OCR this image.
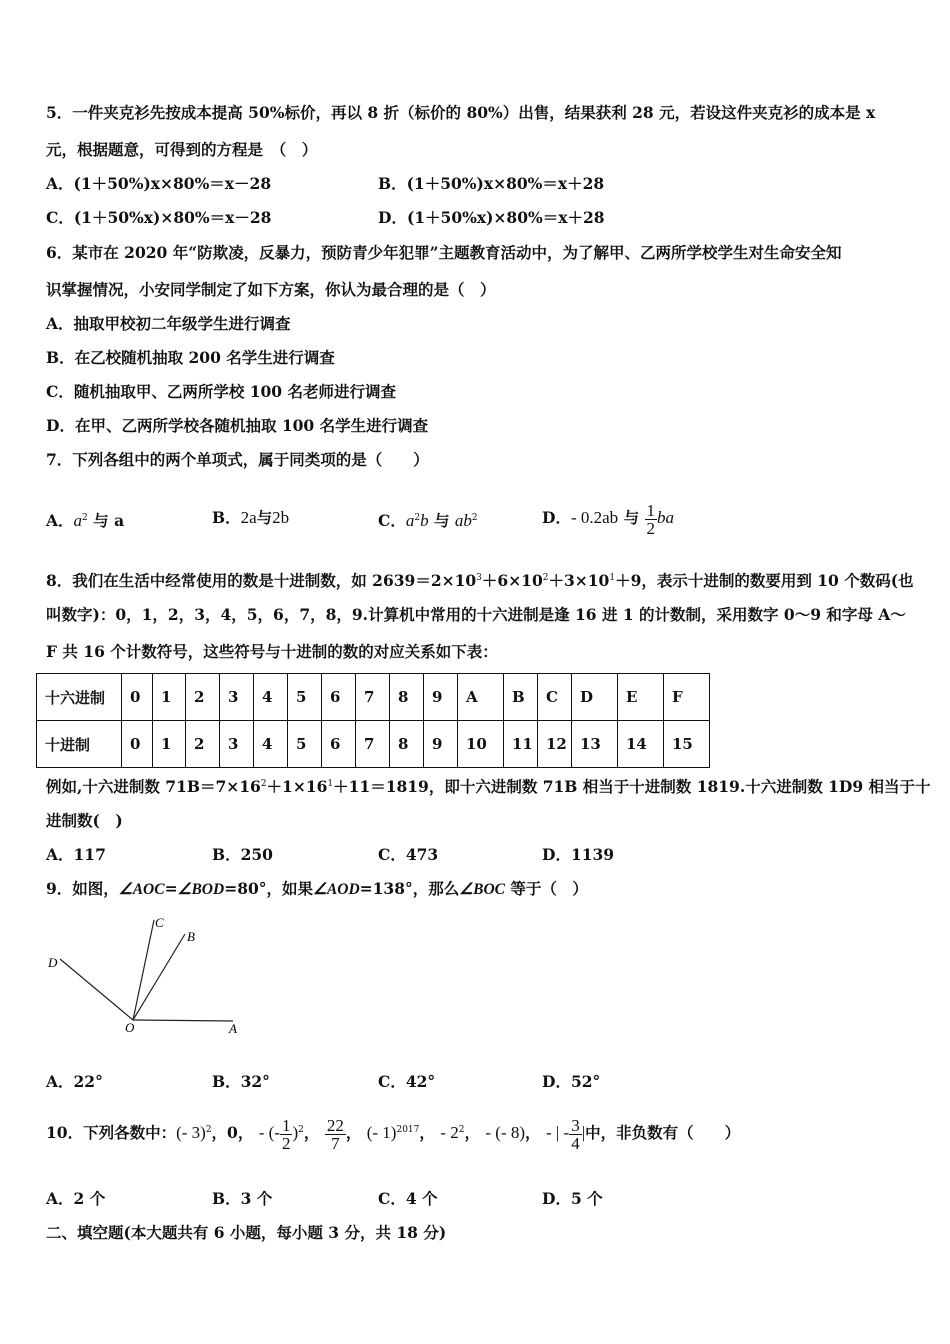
5．一件夹克衫先按成本提高 50%标价，再以 8 折（标价的 80%）出售，结果获利 28 元，若设这件夹克衫的成本是 x
元，根据题意，可得到的方程是　（　）
A．(1＋50%)x×80%＝x－28	B．(1＋50%)x×80%＝x＋28
C．(1＋50%x)×80%＝x－28	D．(1＋50%x)×80%＝x＋28
6．某市在 2020 年“防欺凌，反暴力，预防青少年犯罪”主题教育活动中，为了解甲、乙两所学校学生对生命安全知
识掌握情况，小安同学制定了如下方案，你认为最合理的是（　）
A．抽取甲校初二年级学生进行调查
B．在乙校随机抽取 200 名学生进行调查
C．随机抽取甲、乙两所学校 100 名老师进行调查
D．在甲、乙两所学校各随机抽取 100 名学生进行调查
7．下列各组中的两个单项式，属于同类项的是（　　）
A．$a^2$ 与 a	B．2a与2b	C．$a^2b$ 与 $ab^2$	D．- 0.2ab 与 $\frac{1}{2}$ ba
8．我们在生活中经常使用的数是十进制数，如 $2639=2\times 10^3+6\times 10^2+3\times 10^1+9$，表示十进制的数要用到 10 个数码(也
叫数字)：0，1，2，3，4，5，6，7，8，9.计算机中常用的十六进制是逢 16 进 1 的计数制，采用数字 0～9 和字母 A～
F 共 16 个计数符号，这些符号与十进制的数的对应关系如下表：
十六进制	0	1	2	3	4	5	6	7	8	9	A	B	C	D	E	F
十进制	0	1	2	3	4	5	6	7	8	9	10	11	12	13	14	15
例如,十六进制数 $71B=7\times 16^2+1\times 16^1+11=1819$，即十六进制数 71B 相当于十进制数 1819.十六进制数 1D9 相当于十
进制数(　)
A．117	B．250	C．473	D．1139
9．如图，∠AOC=∠BOD=80°，如果∠AOD=138°，那么∠BOC 等于（　）
C
B
D
O	A
A．22°	B．32°	C．42°	D．52°
10．下列各数中：(- 3)$^2$，0， - (- $\frac{1}{2} )^2$， $\frac{22}{7}$ ， (- 1)$^{2017}$， - $2^2$， - (- 8)， - | - $\frac{3}{4}$ |中，非负数有（　　）
A．2 个	B．3 个	C．4 个	D．5 个
二、填空题(本大题共有 6 小题，每小题 3 分，共 18 分)
